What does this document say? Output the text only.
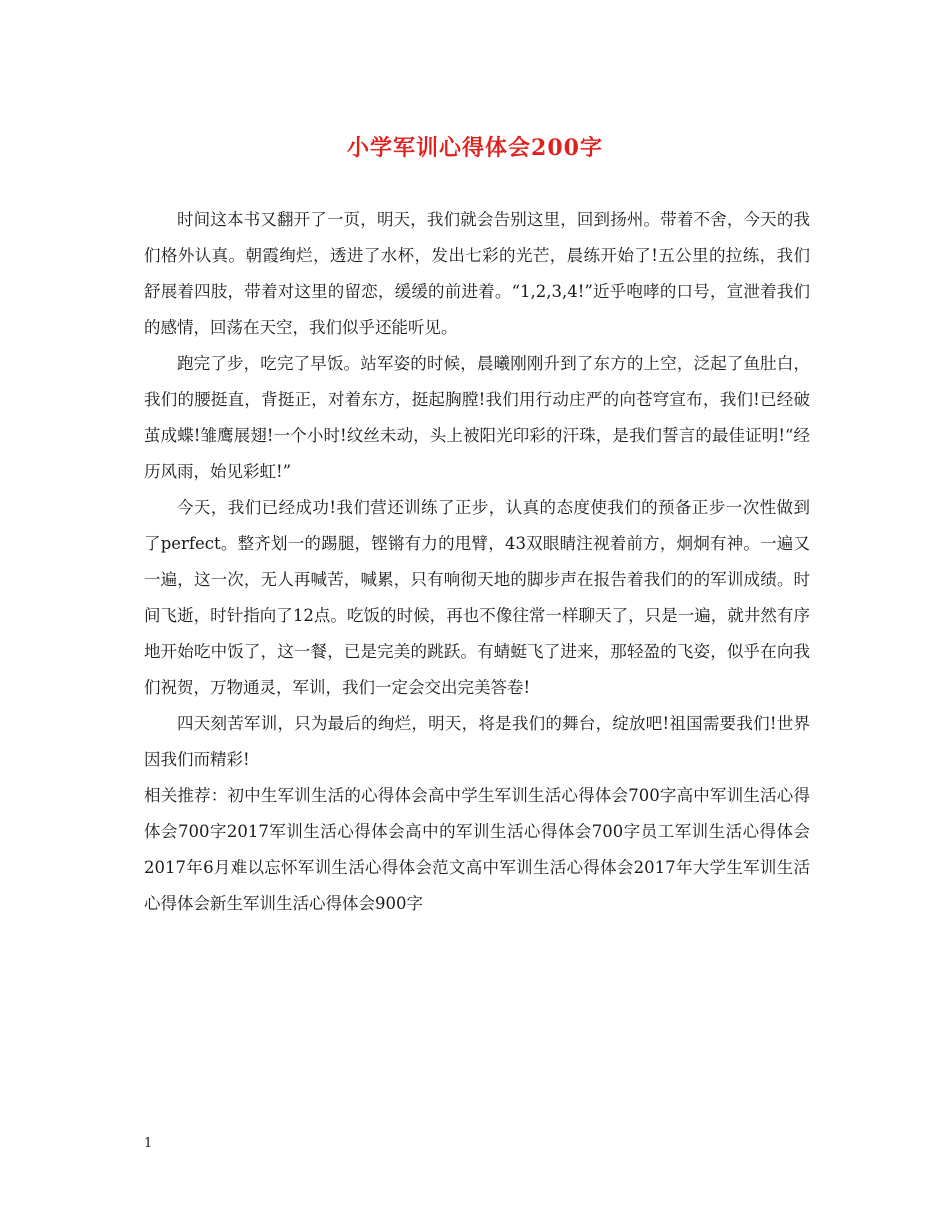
小学军训心得体会200字

时间这本书又翻开了一页，明天，我们就会告别这里，回到扬州。带着不舍，今天的我们格外认真。朝霞绚烂，透进了水杯，发出七彩的光芒，晨练开始了!五公里的拉练，我们舒展着四肢，带着对这里的留恋，缓缓的前进着。“1,2,3,4!”近乎咆哮的口号，宣泄着我们的感情，回荡在天空，我们似乎还能听见。

跑完了步，吃完了早饭。站军姿的时候，晨曦刚刚升到了东方的上空，泛起了鱼肚白，我们的腰挺直，背挺正，对着东方，挺起胸膛!我们用行动庄严的向苍穹宣布，我们!已经破茧成蝶!雏鹰展翅!一个小时!纹丝未动，头上被阳光印彩的汗珠，是我们誓言的最佳证明!“经历风雨，始见彩虹!”

今天，我们已经成功!我们营还训练了正步，认真的态度使我们的预备正步一次性做到了perfect。整齐划一的踢腿，铿锵有力的甩臂，43双眼睛注视着前方，炯炯有神。一遍又一遍，这一次，无人再喊苦，喊累，只有响彻天地的脚步声在报告着我们的的军训成绩。时间飞逝，时针指向了12点。吃饭的时候，再也不像往常一样聊天了，只是一遍，就井然有序地开始吃中饭了，这一餐，已是完美的跳跃。有蜻蜓飞了进来，那轻盈的飞姿，似乎在向我们祝贺，万物通灵，军训，我们一定会交出完美答卷!

四天刻苦军训，只为最后的绚烂，明天，将是我们的舞台，绽放吧!祖国需要我们!世界因我们而精彩!

相关推荐：初中生军训生活的心得体会高中学生军训生活心得体会700字高中军训生活心得体会700字2017军训生活心得体会高中的军训生活心得体会700字员工军训生活心得体会2017年6月难以忘怀军训生活心得体会范文高中军训生活心得体会2017年大学生军训生活心得体会新生军训生活心得体会900字

1
